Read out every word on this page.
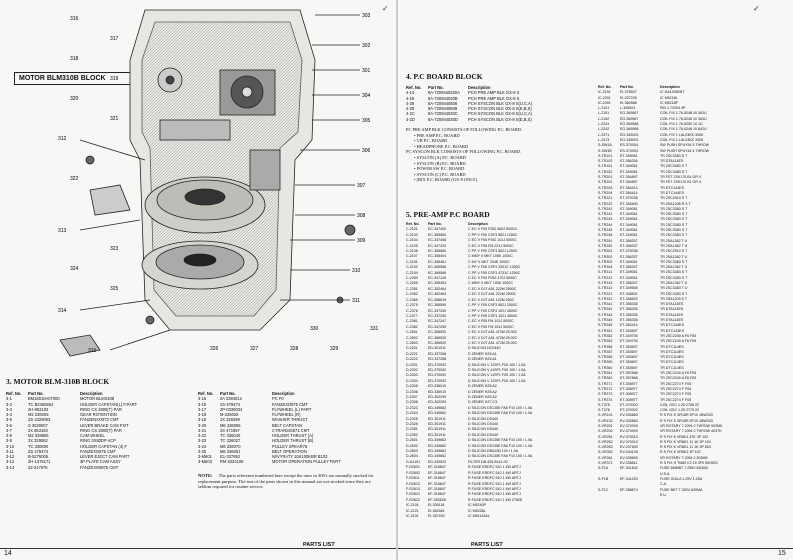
✓
MOTOR BLM310B BLOCK
303
302
301
304
305
306
307
308
309
310
311
312
313
314
315
316
317
318
319
320
321
322
323
324
325
326	327	328	329
330	331
3. MOTOR BLM-310B BLOCK
Ref. No.	Part No.	Description
3-1	BM18010A07000	MOTOR BLM310B
3-2	TC B2360864	HOLDER CAPSTAN(L) F.PART
3-3	2H-953183	RING CS 2800(T) PAR
3-4	M2 236005	GEAR ROTENTION
3-5	ZS 4328063	FANZENXO873 CMT
3-6	S 3029007	LEVER BRAKE CAM FXIT
3-7	2X 653183	RING CS 2800(T) PAR
3-8	M2 329806	CAM WHEEL
3-9	2X 329062	RING 3X80DP ACP
3-10	TC 330800	HOLDER CAPSTAN (4) F
3-11	ZS 479474	FANZEXO875 CMT
3-12	B-5276005	LEVER EJECT CAM PART
3-13	2H-1378171	3P PLATE CAM ASSY
3-14	23-317976	FANZEXO9875 CMT
Ref. No.	Part No.	Description
3-15	2A 3384012	PC F0
3-16	2S-479474	FANZEXO875 CMT
3-17	2P-0336034	FLYWHEEL (L) PART
3-18	M-236026	FLYWHEEL (R)
3-19	2X 328299	WASHER THRUST
3-20	M6 336065	BELT CAPSTAN
3-21	2S 471967	CTRANSIS571 CMT
3-22	TC 336040	HOLDER THRUST (A)
3-23	TC 336027	HOLDER THRUST (B)
3-24	M6 336070	PULLEY SPEAR75
3-25	M6 336001	BELT OPERATION
3-M601	E1-337852	W/VYRATY 10K100KBR B103
3-M603	RM 8334108	MOTOR OPERATION PULLEY PART
NOTE: The parts reference numbered here except the ones in 300's are normally stocked for replacement purpose. The rest of the parts shown in this manual are not stocked since they are seldom required for routine service.
PARTS LIST
14
✓
4. P.C BOARD BLOCK
Ref. No.	Part No.	Description
4-14	8A-7209440200A	PCH PRE AMP BLK GX-8 S
4-18	8A-720944030B	PCH PRE AMP BLK GX-8 S
4-26	8A-7209440808	PCH SYSCON BLK GX-8 S(U,C,A)
4-28	8A-7209440808	PCH SYSCON BLK GX-8 S(E,B,S)
4-2C	8A-720944030C	PCH SYSCON BLK GX-8 S(U,C,A)
4-2D	8A-720944030D	PCH SYSCON BLK GX-8 S(E,B,S)
PC PRE AMP BLK CONSISTS OF FOLLOWING P.C. BOARD.
• PRE AMP P.C. BOARD
• VR P.C. BOARD
• HEADPHONE P.C. BOARD
PC SYSCON BLK CONSISTS OF FOLLOWING P.C. BOARD.
• SYSCON (A) P.C. BOARD
• SYSCON (B) P.C. BOARD
• POWER SW P.C. BOARD
• SYSCON (C) P.C. BOARD
• (RIX P.C. BOARD (GX-8 ONLY)
5. PRE-AMP P.C BOARD
Ref. No.	Part No.	Description
C-2101	EC-347400	C EC V F05 F052 560J 500DC
C-2102	EC-365560	C PP V F05 CSF3 562J 1250C
C-2104	EC-347408	C EC V F05 F052 101J 5000C
C-2105	EC-347293	C EC V F05 FM 221J 5000C
C-2106	EC-365560	C PP V F05 CSF3 562J 1250C
C-2107	EC-355404	C MMY V MKT 105K 1000C
C-2151	EC-355461	C MY V MKT 334K 1000C
C-2152	EC-365566	C PP V F05 CSF3 3301C 1250C
C-2154	EC-365568	C PP V F05 CSF3 4731C 1250C
C-2250	EC-347126	C EC V F05 F052 470J 5000C
C-2255	EC-355454	C MMY V MKT 105K 1000C
C-2351	EC-352464	C EC V DJT A51 222M 2500C
C-2352	EC-362464	C EC V DJT A51 222M 2500C
C-2365	EC-366619	C EC V DJT A51 102M 250C
C-2375	EC-365559	C PP V F05 CSF3 562J 2500C
C-2376	EC-337250	C PP V F05 CSF3 102J 4500C
C-2377	EC-337250	C PP V F05 CSF3 102J 4500C
C-2381	EC-347247	C EC V F05 FM 101J 5000C
C-2382	EC-347255	C EC V F05 FM 151J 5000C
C-2601	EC-366520	C EC V DJT A51 472M 25.00C
C-2602	EC-366520	C EC V DJT A51 472M 25.00C
C-2603	EC-366520	C EC V DJT A51 472M 25.00C
D-2201	ED-301911	D SILICON HCS440
D-2221	ED-337268	D ZENER HZ6 A1
D-2222	ED-337268	D ZENER HZ6 A1
D-2301	ED-370092	D SILICON V 11SP1 F05 100 / 1.0A
D-2302	ED-370092	D SILICON V 11SP1 F05 100 / 1.0A
D-2303	ED-370092	D SILICON V 11SP1 F05 100 / 1.0A
D-2304	ED-370092	D SILICON V 11SP1 F05 100 / 1.0A
D-2305	ED-336010	D ZENER HZ6 A2
D-2306	ED-336010	D ZENER HZ6 A2
D-2307	ED-302299	D ZENER HZ6 A2
D-2308	ED-302299	D ZENER HZ7 C3
D-2323	ED-349662	D SILICON DS135E FA6 F10 100 / 1.0A
D-2324	ED-349662	D SILICON DS135E FA6 F10 100 / 1.0A
D-2325	ED-301911	D SILICON DS440
D-2326	ED-301911	D SILICON DS440
D-2351	ED-301911	D SILICON DS440
D-2352	ED-301911	D SILICON DS440
D-2601	ED-349662	D SILICON DS135E FA6 F10 100 / 1.0A
D-2602	ED-349662	D SILICON DS135E FA6 F10 100 / 1.0A
D-2603	ED-349662	D SILICON DBA10B 100 / 1.0A
D-2604	ED-349662	D SILICON DS135E FA6 F10 100 / 1.0A
G-A1101	ED-339520	FILTER DB-429-8141-00
F-R2601	EF-318847	R FUSE ERDFC 510 1 4W ARTJ
F-R2602	EF-318847	R FUSE ERDFC 510 1 4W ARTJ
F-R2611	EF-318847	R FUSE ERDFC 510 1 4W ARTJ
F-R2612	EF-318847	R FUSE ERDFC 510 1 4W ARTJ
F-R2613	EF-318847	R FUSE ERDFC 510 1 4W ARTJ
F-R2621	EF-318847	R FUSE ERDFC 510 1 4W ARTJ
F-R2622	EF-350628	R FUSE ERDFC 510 1 4W 2782E
IC-2101	EI-306118	IC M5240P
IC-2121	EI-362581	IC M5238L
IC-2131	EI-357490	IC M51143AL
Ref. No.	Part No.	Description
IC-2151	EI-376507	IC HA12080NT
IC-2201	EI-337228	IC M5218L
IC-2301	EI-360588	IC M5218P
L-2101	L-306504	PIN 1.72094 4P
L-2151	EO-369567	COIL FIX 1 76-5248 10 363U
L-2152	EO-369567	COIL FIX 1 76-5248 10 363U
L-2241	EO-369568	COIL FIX 1 76-5250 10 1U
L-2242	EO-369568	COIL FIX 1 76-5248 10 842U
L-2371	EO-345003	COIL FIX 1 LAL03KK 330K
L-2373	EO-345003	COIL FIX 1 LAL03KK 330K
S-SW1A	ES-370004	SW PUSH SPUY54 5 THROW
S-SW1B	ES-370004	SW PUSH SPUY44 4 THROW
S-TR101	ET-349061	TR 2SC3383 S T
S-TR102	ET-356336	TR DTA114ES
S-TR151	ET-349061	TR 2SC3383 S T
S-TR152	ET-349061	TR 2SC3383 S T
S-TR201	ET-354897	TR FET 2SK170 BL GR V
S-TR202	ET-354897	TR FET 2SK170 BL GR V
S-TR203	ET-364414	TR DTC144ES
S-TR204	ET-364414	TR DTC144ES
S-TR221	ET-370038	TR 2SC2910 S T
S-TR222	ET-345400	TR 2SA1208 R S T
S-TR241	ET-349061	TR 2SC3383 S T
S-TR242	ET-349061	TR 2SC3383 S T
S-TR243	ET-349061	TR 2SC3383 S T
S-TR244	ET-349061	TR 2SC3383 S T
S-TR245	ET-349061	TR 2SC3383 S T
S-TR246	ET-349061	TR 2SC3383 S T
S-TR251	ET-356337	TR 2SA1362 T U
S-TR252	ET-356337	TR 2SA1362 T U
S-TR301	ET-370038	TR 2SC2910 S T
S-TR302	ET-356337	TR 2SA1362 T U
S-TR303	ET-349061	TR 2SC3383 S T
S-TR304	ET-356337	TR 2SA1362 T U
S-TR311	ET-349061	TR 2SC3383 S T
S-TR312	ET-349061	TR 2SC3383 S T
S-TR313	ET-356337	TR 2SA1362 T U
S-TR314	ET-349508	TR 2SC3383 T U
S-TR321	ET-348831	TR 2SC3383 S T
S-TR322	ET-348829	TR 2SA1209 S T
S-TR341	ET-356336	TR DTA114ES
S-TR342	ET-356336	TR DTA114ES
S-TR343	ET-356336	TR DTA114ES
S-TR344	ET-356336	TR DTA114ES
S-TR345	ET-364414	TR DTC144ES
S-TR351	ET-353697	TR DTC143ES
S-TR352	ET-349705	TR 2SC2240 A F6 F05
S-TR353	ET-349705	TR 2SC2240 A F6 F05
S-TR356	ET-353697	TR DTC114ES
S-TR357	ET-353697	TR DTC114ES
S-TR358	ET-353697	TR DTC114ES
S-TR359	ET-353697	TR DTC114ES
S-TR360	ET-353697	TR DTC114ES
S-TR361	ET-357868	TR 2SC2240 A F6 F05
S-TR362	ET-357868	TR 2SC2240 A F6 F05
S-TR371	ET-308977	TR 2SC2274 F F05
S-TR372	ET-308977	TR 2SC2274 F F05
S-TR373	ET-308977	TR 2SC2274 F F05
S-TR374	ET-308977	TR 2SC2274 F F05
S-T375	ET-370002	COIL OSC 1.25 2755 22
S-T376	ET-370002	COIL OSC 1.25 2775 22
S-VR101	EV-330863	R S FIX K SR16R 3P10 1BW333
S-VR102	EV-330863	R S FIX K SR16R 3P10 1BW333
S-VR201	EV-370009	VR ROTARY 7.2094 2 THROW 503MK
S-VR202	EV-370009	VR ROTARY 7.2094 2 THROW 403TK
S-VR261	EV-370010	R S FIX K VR8K1 47K 3P 102
S-VR262	EV-370010	R S FIX K VR8K1 11 1K 3P 104
S-VR263	EV-237893	R S FIX K VR8K1 11 1K 3P 503
S-VR352	EV-344109	R S FIX K VR8K1 3P 102
S-VR361	EV-338609	VR ROTARY 7.2094 2 503MK
S-VR371	EV-338511	R S FIX H TM80 K2 15 3P0 50H503
S-F1A	EF-301642	FUSE 6MMBT 7 250V 630MA
U.S.A.
S-F1B	EF-341203	FUSE GGA A 1.25V 1.25A
C.A.
S-F1C	EF-358574	FUSE BET T 250V 630MA
E.U.
PARTS LIST
15
